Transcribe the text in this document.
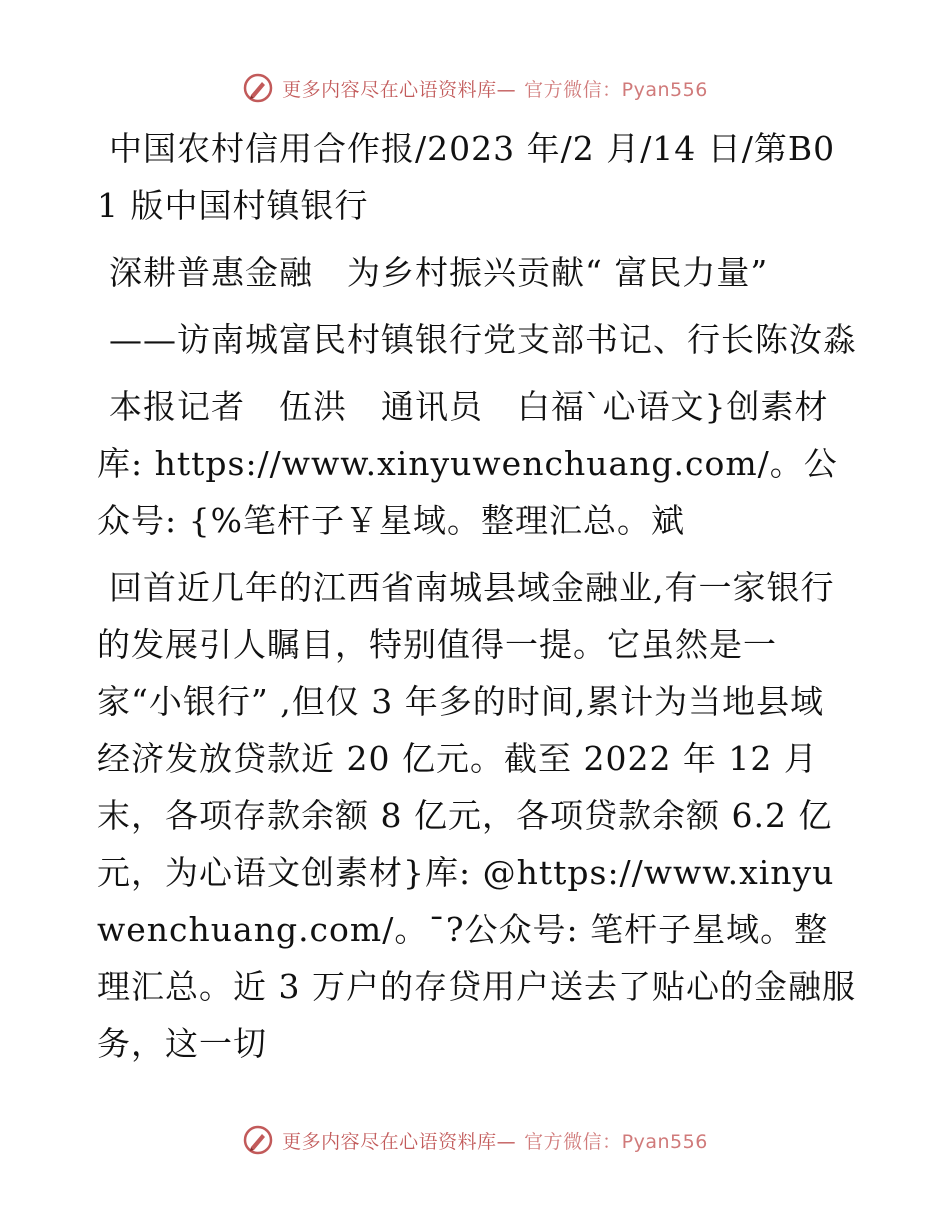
更多内容尽在心语资料库— 官方微信：Pyan556

中国农村信用合作报/2023 年/2 月/14 日/第B01 版中国村镇银行

深耕普惠金融　为乡村振兴贡献“ 富民力量”

——访南城富民村镇银行党支部书记、行长陈汝淼

本报记者　伍洪　通讯员　白福`心语文}创素材库: https://www.xinyuwenchuang.com/。公众号: {%笔杆子￥星域。整理汇总。斌

回首近几年的江西省南城县域金融业,有一家银行的发展引人瞩目，特别值得一提。它虽然是一家“小银行” ,但仅 3 年多的时间,累计为当地县域经济发放贷款近 20 亿元。截至 2022 年 12 月末，各项存款余额 8 亿元，各项贷款余额 6.2 亿元，为心语文创素材}库: @https://www.xinyuwenchuang.com/。¯?公众号: 笔杆子星域。整理汇总。近 3 万户的存贷用户送去了贴心的金融服务，这一切

更多内容尽在心语资料库— 官方微信：Pyan556
